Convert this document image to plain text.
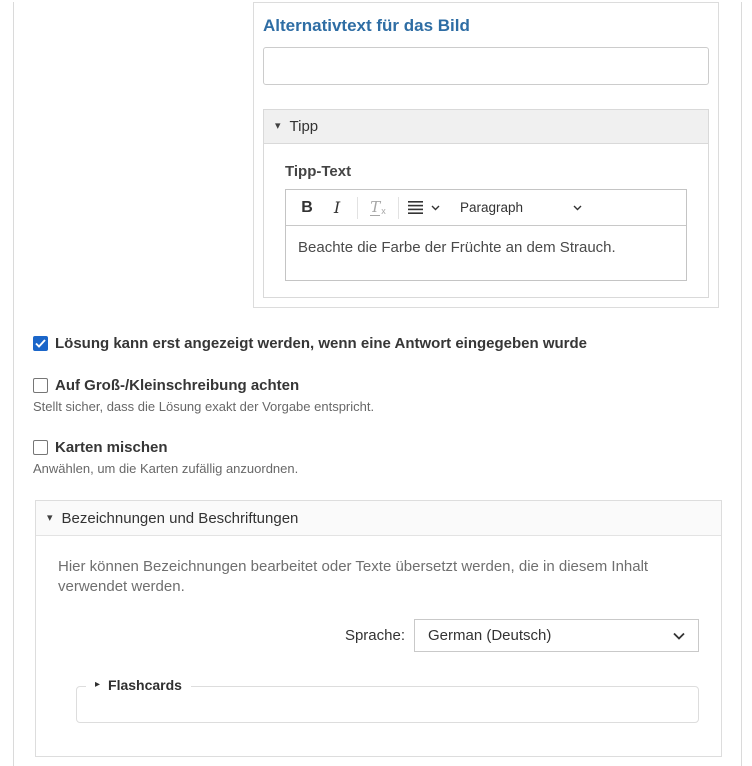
Alternativtext für das Bild
▾ Tipp
Tipp-Text
B	I	T x	Paragraph
Beachte die Farbe der Früchte an dem Strauch.
Lösung kann erst angezeigt werden, wenn eine Antwort eingegeben wurde
Auf Groß-/Kleinschreibung achten
Stellt sicher, dass die Lösung exakt der Vorgabe entspricht.
Karten mischen
Anwählen, um die Karten zufällig anzuordnen.
▾ Bezeichnungen und Beschriftungen
Hier können Bezeichnungen bearbeitet oder Texte übersetzt werden, die in diesem Inhalt verwendet werden.
Sprache: German (Deutsch)
▸ Flashcards
